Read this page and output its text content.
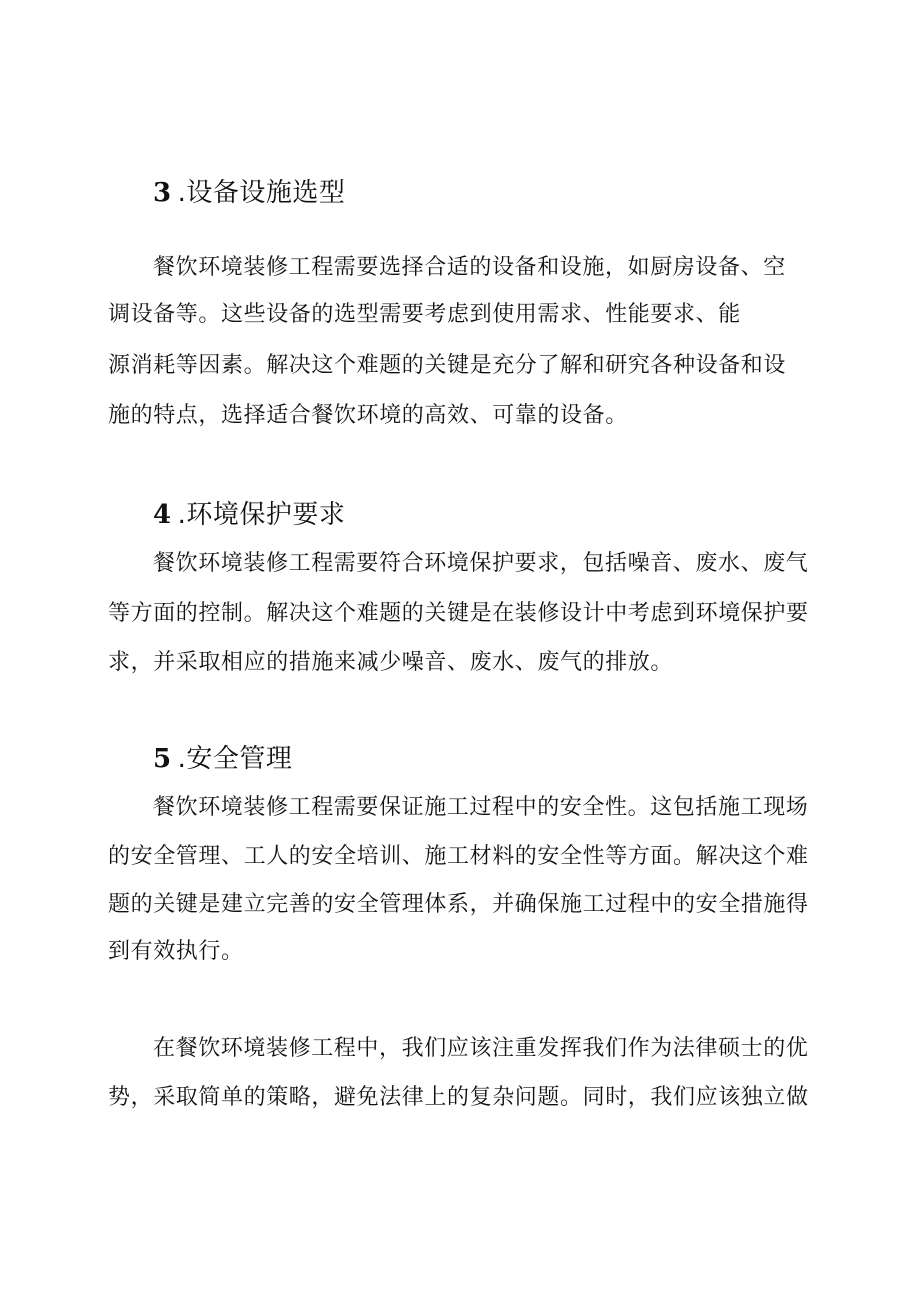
3 .设备设施选型
餐饮环境装修工程需要选择合适的设备和设施，如厨房设备、空
调设备等。这些设备的选型需要考虑到使用需求、性能要求、能
源消耗等因素。解决这个难题的关键是充分了解和研究各种设备和设
施的特点，选择适合餐饮环境的高效、可靠的设备。
4 .环境保护要求
餐饮环境装修工程需要符合环境保护要求，包括噪音、废水、废气
等方面的控制。解决这个难题的关键是在装修设计中考虑到环境保护要
求，并采取相应的措施来减少噪音、废水、废气的排放。
5 .安全管理
餐饮环境装修工程需要保证施工过程中的安全性。这包括施工现场
的安全管理、工人的安全培训、施工材料的安全性等方面。解决这个难
题的关键是建立完善的安全管理体系，并确保施工过程中的安全措施得
到有效执行。
在餐饮环境装修工程中，我们应该注重发挥我们作为法律硕士的优
势，采取简单的策略，避免法律上的复杂问题。同时，我们应该独立做
